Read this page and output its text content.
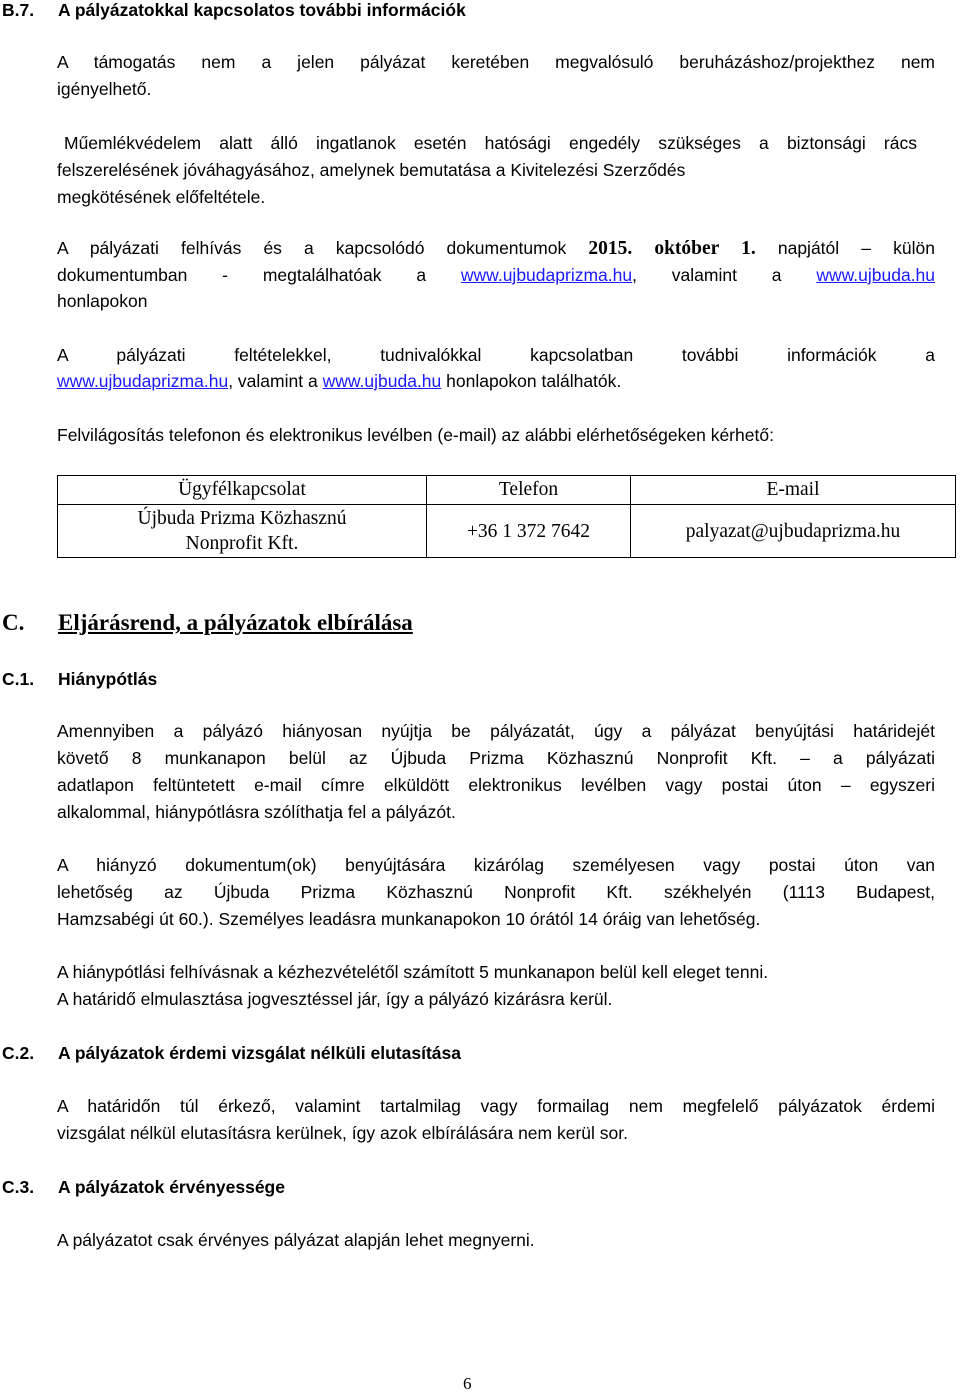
B.7. A pályázatokkal kapcsolatos további információk
A támogatás nem a jelen pályázat keretében megvalósuló beruházáshoz/projekthez nem
igényelhető.
Műemlékvédelem alatt álló ingatlanok esetén hatósági engedély szükséges a biztonsági rács
felszerelésének jóváhagyásához, amelynek bemutatása a Kivitelezési Szerződés
megkötésének előfeltétele.
A pályázati felhívás és a kapcsolódó dokumentumok 2015. október 1. napjától – külön
dokumentumban - megtalálhatóak a www.ujbudaprizma.hu, valamint a www.ujbuda.hu
honlapokon
A pályázati feltételekkel, tudnivalókkal kapcsolatban további információk a
www.ujbudaprizma.hu, valamint a www.ujbuda.hu honlapokon találhatók.
Felvilágosítás telefonon és elektronikus levélben (e-mail) az alábbi elérhetőségeken kérhető:
Ügyfélkapcsolat	Telefon	E-mail
Újbuda Prizma Közhasznú
Nonprofit Kft.	+36 1 372 7642	palyazat@ujbudaprizma.hu
C. Eljárásrend, a pályázatok elbírálása
C.1. Hiánypótlás
Amennyiben a pályázó hiányosan nyújtja be pályázatát, úgy a pályázat benyújtási határidejét
követő 8 munkanapon belül az Újbuda Prizma Közhasznú Nonprofit Kft. – a pályázati
adatlapon feltüntetett e-mail címre elküldött elektronikus levélben vagy postai úton – egyszeri
alkalommal, hiánypótlásra szólíthatja fel a pályázót.
A hiányzó dokumentum(ok) benyújtására kizárólag személyesen vagy postai úton van
lehetőség az Újbuda Prizma Közhasznú Nonprofit Kft. székhelyén (1113 Budapest,
Hamzsabégi út 60.). Személyes leadásra munkanapokon 10 órától 14 óráig van lehetőség.
A hiánypótlási felhívásnak a kézhezvételétől számított 5 munkanapon belül kell eleget tenni.
A határidő elmulasztása jogvesztéssel jár, így a pályázó kizárásra kerül.
C.2. A pályázatok érdemi vizsgálat nélküli elutasítása
A határidőn túl érkező, valamint tartalmilag vagy formailag nem megfelelő pályázatok érdemi
vizsgálat nélkül elutasításra kerülnek, így azok elbírálására nem kerül sor.
C.3. A pályázatok érvényessége
A pályázatot csak érvényes pályázat alapján lehet megnyerni.
6
